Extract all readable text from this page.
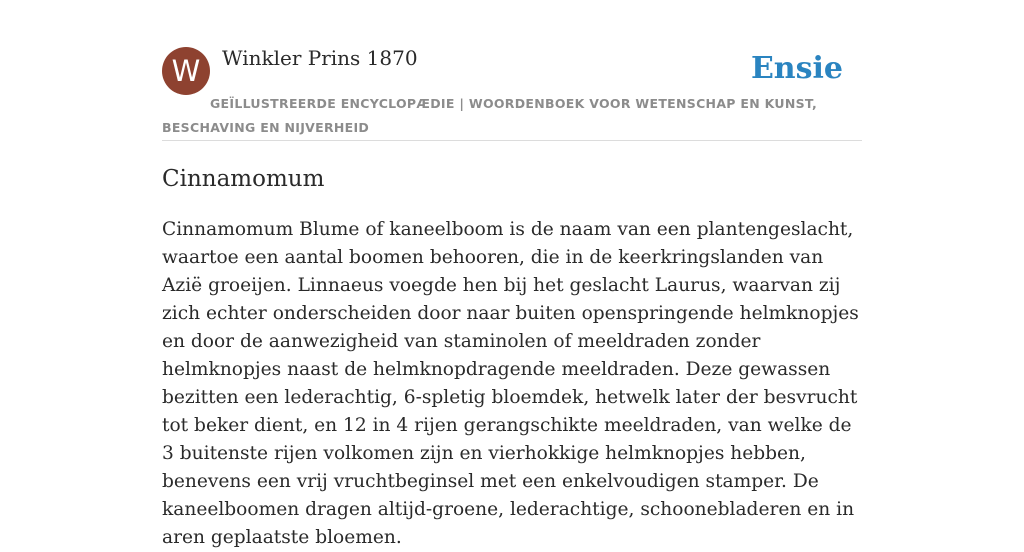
W	Winkler Prins 1870	Ensie
GEÏLLUSTREERDE ENCYCLOPÆDIE | WOORDENBOEK VOOR WETENSCHAP EN KUNST, BESCHAVING EN NIJVERHEID
Cinnamomum

Cinnamomum Blume of kaneelboom is de naam van een plantengeslacht, waartoe een aantal boomen behooren, die in de keerkringslanden van Azië groeijen. Linnaeus voegde hen bij het geslacht Laurus, waarvan zij zich echter onderscheiden door naar buiten openspringende helmknopjes en door de aanwezigheid van staminolen of meeldraden zonder helmknopjes naast de helmknopdragende meeldraden. Deze gewassen bezitten een lederachtig, 6-spletig bloemdek, hetwelk later der besvrucht tot beker dient, en 12 in 4 rijen gerangschikte meeldraden, van welke de 3 buitenste rijen volkomen zijn en vierhokkige helmknopjes hebben, benevens een vrij vruchtbeginsel met een enkelvoudigen stamper. De kaneelboomen dragen altijd-groene, lederachtige, schoonebladeren en in aren geplaatste bloemen.
